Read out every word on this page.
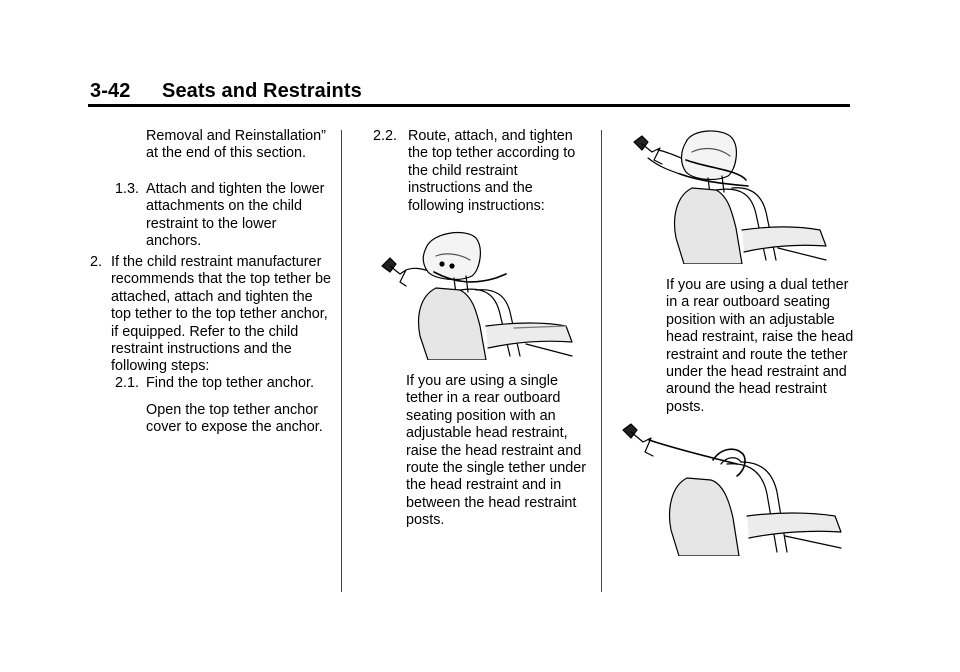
3-42 Seats and Restraints

Removal and Reinstallation” at the end of this section.

1.3. Attach and tighten the lower attachments on the child restraint to the lower anchors.
2. If the child restraint manufacturer recommends that the top tether be attached, attach and tighten the top tether to the top tether anchor, if equipped. Refer to the child restraint instructions and the following steps:
2.1. Find the top tether anchor.

Open the top tether anchor cover to expose the anchor.

2.2. Route, attach, and tighten the top tether according to the child restraint instructions and the following instructions:

If you are using a single tether in a rear outboard seating position with an adjustable head restraint, raise the head restraint and route the single tether under the head restraint and in between the head restraint posts.

If you are using a dual tether in a rear outboard seating position with an adjustable head restraint, raise the head restraint and route the tether under the head restraint and around the head restraint posts.
